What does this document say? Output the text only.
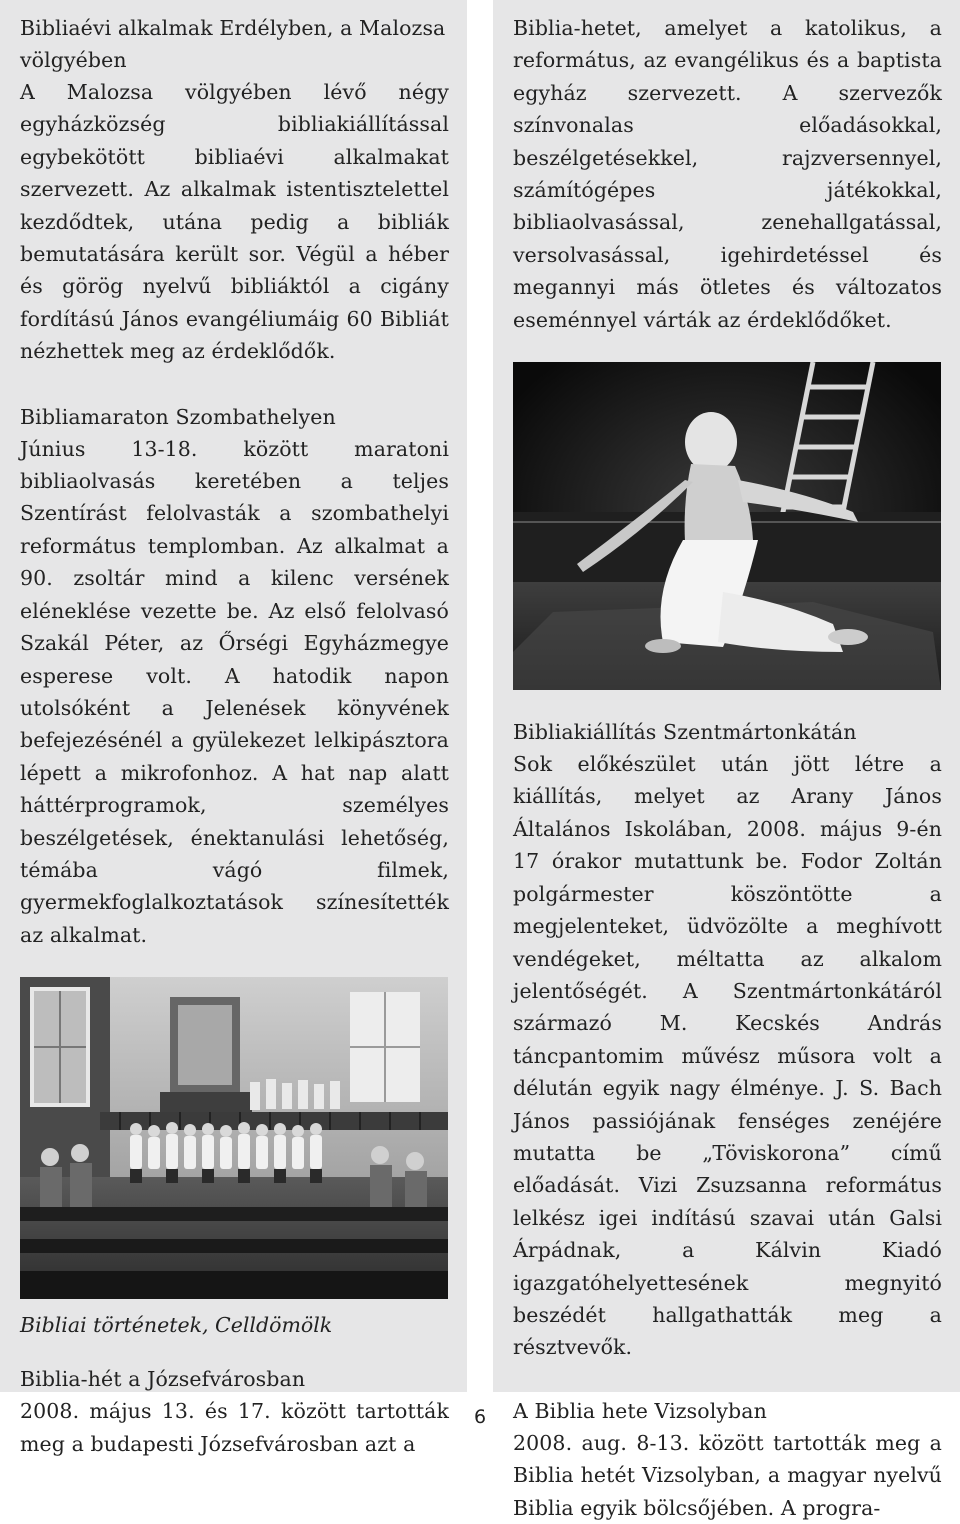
Bibliaévi alkalmak Erdélyben, a Malozsa völgyében

A Malozsa völgyében lévő négy egyházközség bibliakiállítással egybekötött bibliaévi alkalmakat szervezett. Az alkalmak istentisztelettel kezdődtek, utána pedig a bibliák bemutatására került sor. Végül a héber és görög nyelvű bibliáktól a cigány fordítású János evangéliumáig 60 Bibliát nézhettek meg az érdeklődők.

Bibliamaraton Szombathelyen

Június 13-18. között maratoni bibliaolvasás keretében a teljes Szentírást felolvasták a szombathelyi református templomban. Az alkalmat a 90. zsoltár mind a kilenc versének eléneklése vezette be. Az első felolvasó Szakál Péter, az Őrségi Egyházmegye esperese volt. A hatodik napon utolsóként a Jelenések könyvének befejezésénél a gyülekezet lelkipásztora lépett a mikrofonhoz. A hat nap alatt háttérprogramok, személyes beszélgetések, énektanulási lehetőség, témába vágó filmek, gyermekfoglalkoztatások színesítették az alkalmat.

Bibliai történetek, Celldömölk

Biblia-hét a Józsefvárosban

2008. május 13. és 17. között tartották meg a budapesti Józsefvárosban azt a

Biblia-hetet, amelyet a katolikus, a református, az evangélikus és a baptista egyház szervezett. A szervezők színvonalas előadásokkal, beszélgetésekkel, rajzversennyel, számítógépes játékokkal, bibliaolvasással, zenehallgatással, versolvasással, igehirdetéssel és megannyi más ötletes és változatos eseménnyel várták az érdeklődőket.

Bibliakiállítás Szentmártonkátán

Sok előkészület után jött létre a kiállítás, melyet az Arany János Általános Iskolában, 2008. május 9-én 17 órakor mutattunk be. Fodor Zoltán polgármester köszöntötte a megjelenteket, üdvözölte a meghívott vendégeket, méltatta az alkalom jelentőségét. A Szentmártonkátáról származó M. Kecskés András táncpantomim művész műsora volt a délután egyik nagy élménye. J. S. Bach János passiójának fenséges zenéjére mutatta be „Töviskorona” című előadását. Vizi Zsuzsanna református lelkész igei indítású szavai után Galsi Árpádnak, a Kálvin Kiadó igazgatóhelyettesének megnyitó beszédét hallgathatták meg a résztvevők.

A Biblia hete Vizsolyban

2008. aug. 8-13. között tartották meg a Biblia hetét Vizsolyban, a magyar nyelvű Biblia egyik bölcsőjében. A progra-

6
